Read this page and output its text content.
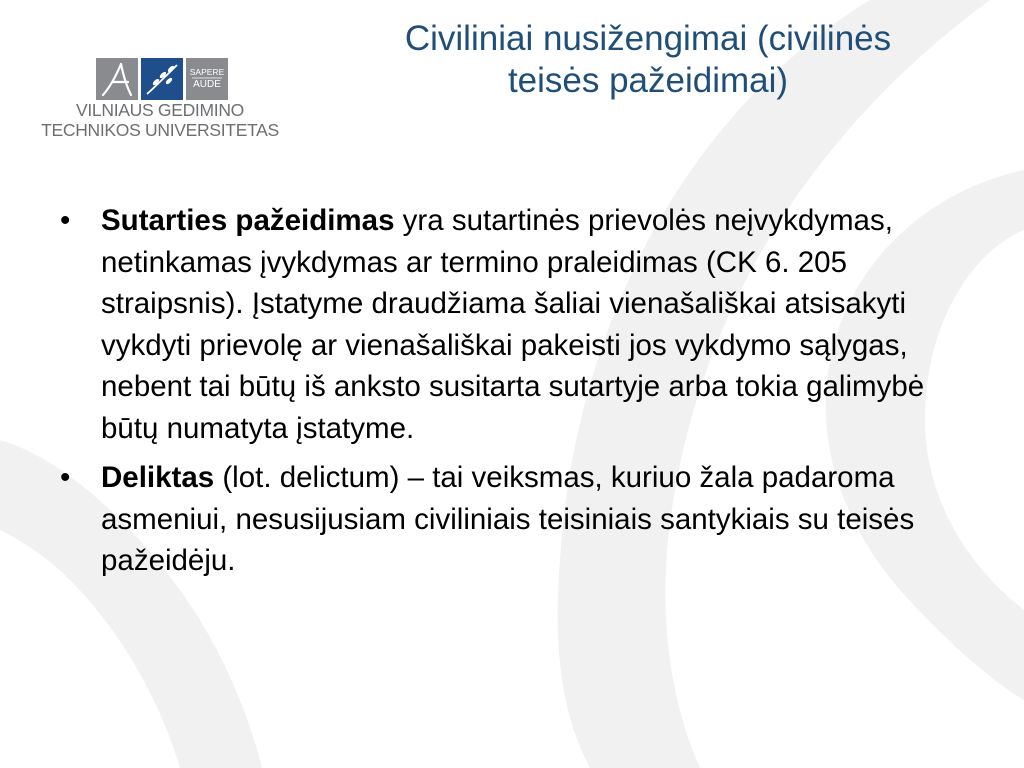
SAPERE
AUDE
VILNIAUS GEDIMINO
TECHNIKOS UNIVERSITETAS
Civiliniai nusižengimai (civilinės
teisės pažeidimai)
• Sutarties pažeidimas yra sutartinės prievolės neįvykdymas, netinkamas įvykdymas ar termino praleidimas (CK 6. 205 straipsnis). Įstatyme draudžiama šaliai vienašališkai atsisakyti vykdyti prievolę ar vienašališkai pakeisti jos vykdymo sąlygas, nebent tai būtų iš anksto susitarta sutartyje arba tokia galimybė būtų numatyta įstatyme.
• Deliktas (lot. delictum) – tai veiksmas, kuriuo žala padaroma asmeniui, nesusijusiam civiliniais teisiniais santykiais su teisės pažeidėju.
